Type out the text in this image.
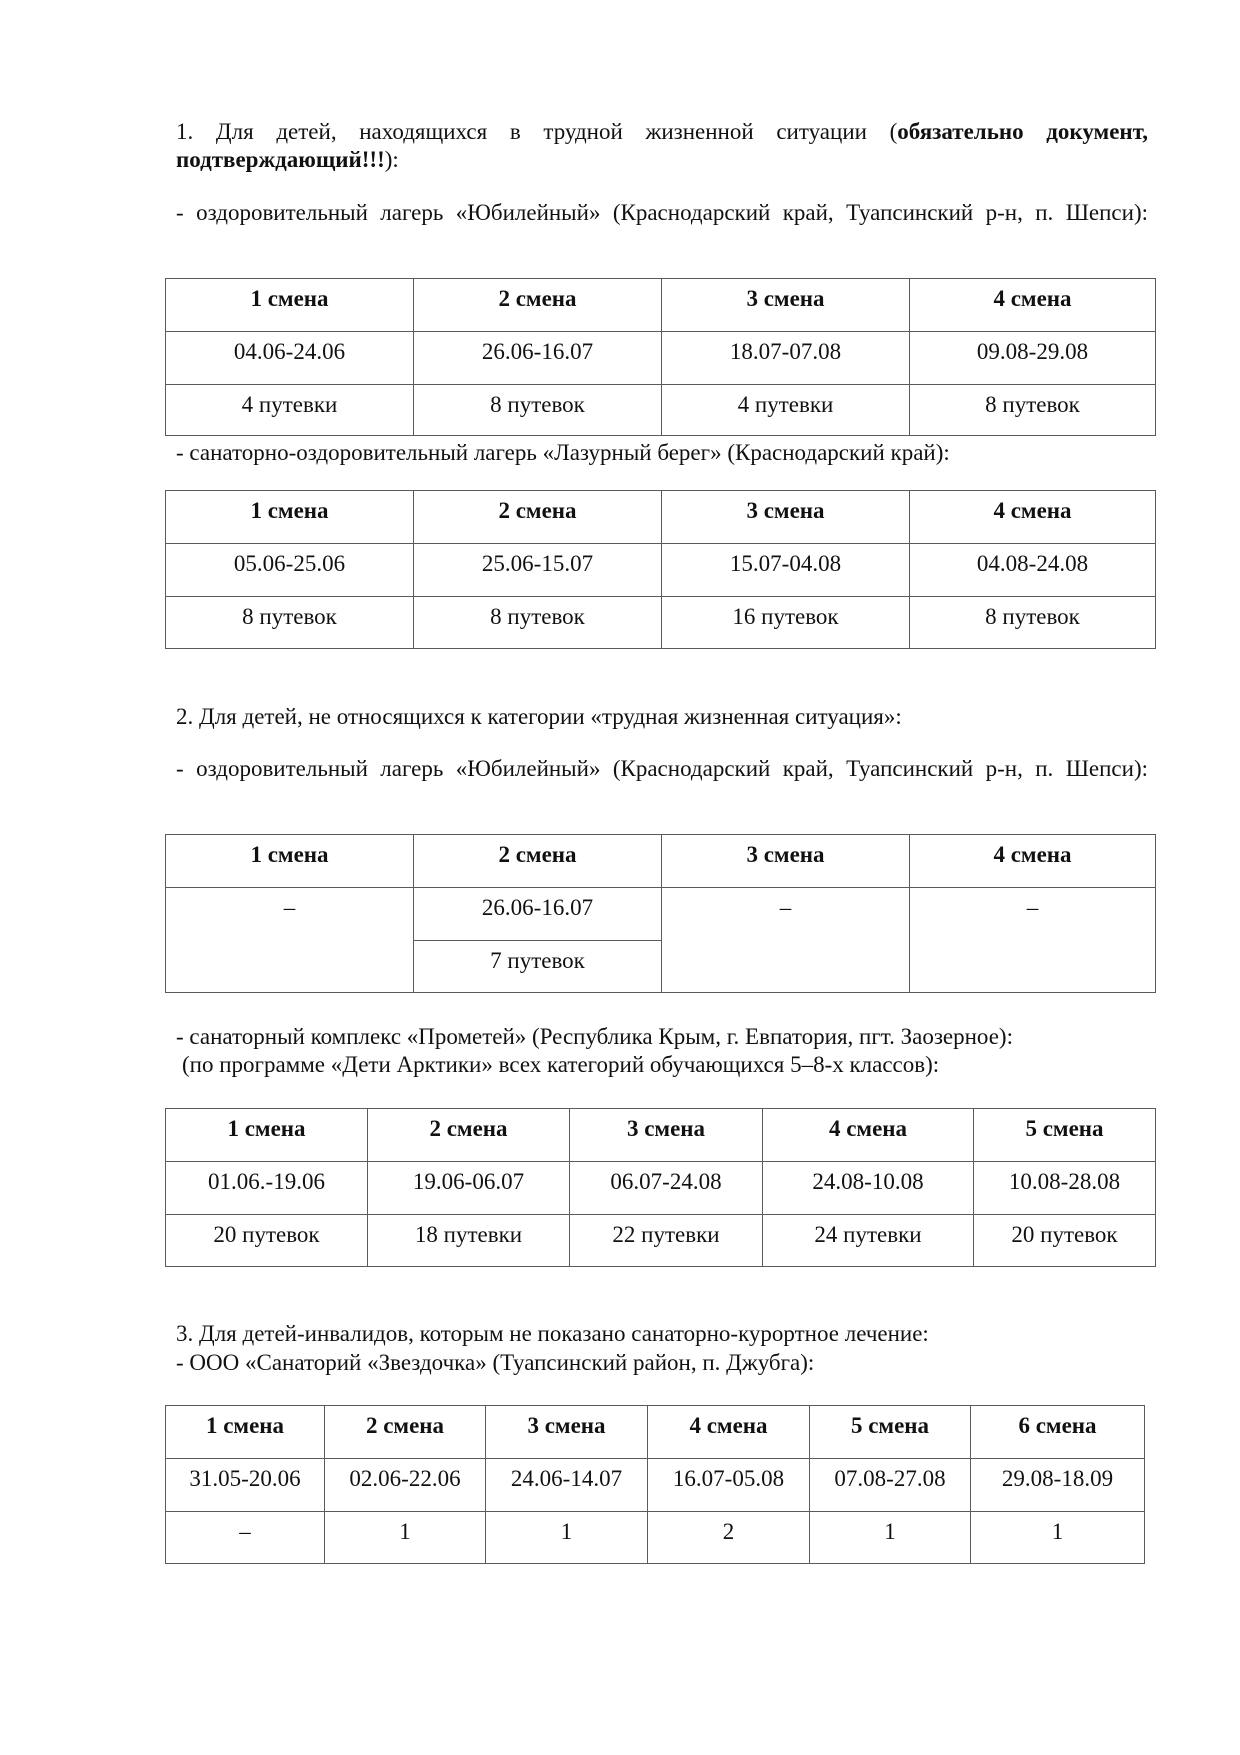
1. Для детей, находящихся в трудной жизненной ситуации (обязательно документ, подтверждающий!!!):

- оздоровительный лагерь «Юбилейный» (Краснодарский край, Туапсинский р-н, п. Шепси):

1 смена	2 смена	3 смена	4 смена
04.06-24.06	26.06-16.07	18.07-07.08	09.08-29.08
4 путевки	8 путевок	4 путевки	8 путевок

- санаторно-оздоровительный лагерь «Лазурный берег» (Краснодарский край):

1 смена	2 смена	3 смена	4 смена
05.06-25.06	25.06-15.07	15.07-04.08	04.08-24.08
8 путевок	8 путевок	16 путевок	8 путевок

2. Для детей, не относящихся к категории «трудная жизненная ситуация»:

- оздоровительный лагерь «Юбилейный» (Краснодарский край, Туапсинский р-н, п. Шепси):

1 смена	2 смена	3 смена	4 смена
–	26.06-16.07	–	–
	7 путевок		

- санаторный комплекс «Прометей» (Республика Крым, г. Евпатория, пгт. Заозерное):

(по программе «Дети Арктики» всех категорий обучающихся 5–8-х классов):

1 смена	2 смена	3 смена	4 смена	5 смена
01.06.-19.06	19.06-06.07	06.07-24.08	24.08-10.08	10.08-28.08
20 путевок	18 путевки	22 путевки	24 путевки	20 путевок

3. Для детей-инвалидов, которым не показано санаторно-курортное лечение:

- ООО «Санаторий «Звездочка» (Туапсинский район, п. Джубга):

1 смена	2 смена	3 смена	4 смена	5 смена	6 смена
31.05-20.06	02.06-22.06	24.06-14.07	16.07-05.08	07.08-27.08	29.08-18.09
–	1	1	2	1	1
